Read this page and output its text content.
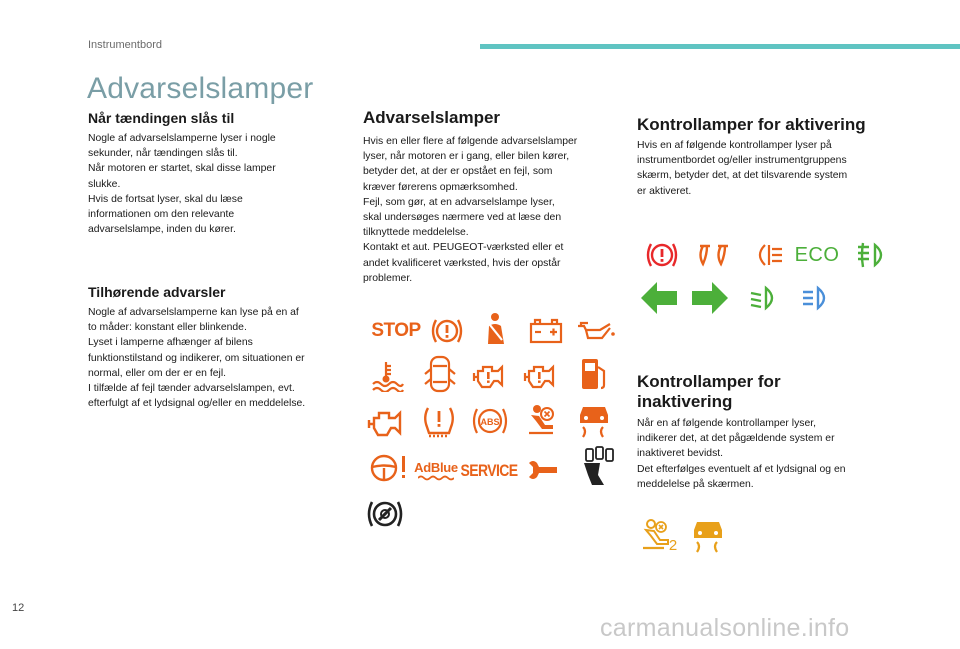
Instrumentbord
Advarselslamper
Når tændingen slås til
Nogle af advarselslamperne lyser i nogle
sekunder, når tændingen slås til.
Når motoren er startet, skal disse lamper
slukke.
Hvis de fortsat lyser, skal du læse
informationen om den relevante
advarselslampe, inden du kører.
Tilhørende advarsler
Nogle af advarselslamperne kan lyse på en af
to måder: konstant eller blinkende.
Lyset i lamperne afhænger af bilens
funktionstilstand og indikerer, om situationen er
normal, eller om der er en fejl.
I tilfælde af fejl tænder advarselslampen, evt.
efterfulgt af et lydsignal og/eller en meddelelse.
Advarselslamper
Hvis en eller flere af følgende advarselslamper
lyser, når motoren er i gang, eller bilen kører,
betyder det, at der er opstået en fejl, som
kræver førerens opmærksomhed.
Fejl, som gør, at en advarselslampe lyser,
skal undersøges nærmere ved at læse den
tilknyttede meddelelse.
Kontakt et aut. PEUGEOT-værksted eller et
andet kvalificeret værksted, hvis der opstår
problemer.
STOP
ABS
AdBlue SERVICE
Kontrollamper for aktivering
Hvis en af følgende kontrollamper lyser på
instrumentbordet og/eller instrumentgruppens
skærm, betyder det, at det tilsvarende system
er aktiveret.
ECO
Kontrollamper for
inaktivering
Når en af følgende kontrollamper lyser,
indikerer det, at det pågældende system er
inaktiveret bevidst.
Det efterfølges eventuelt af et lydsignal og en
meddelelse på skærmen.
2
12
carmanualsonline.info
